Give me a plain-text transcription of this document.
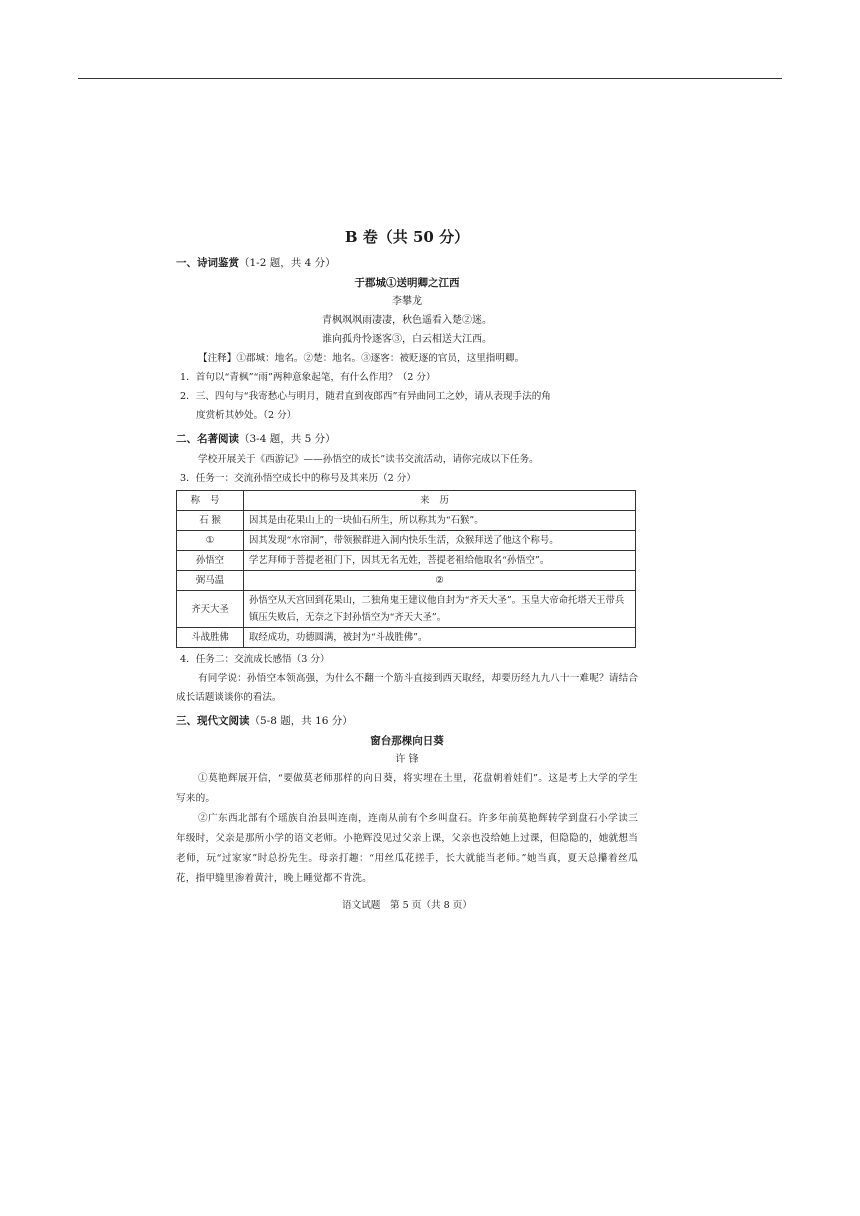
B 卷（共 50 分）
一、诗词鉴赏（1-2 题，共 4 分）
于郡城①送明卿之江西
李攀龙
青枫飒飒雨凄凄，秋色遥看入楚②迷。
谁向孤舟怜逐客③，白云相送大江西。

【注释】①郡城：地名。②楚：地名。③逐客：被贬逐的官员，这里指明卿。

1．首句以“青枫”“雨”两种意象起笔，有什么作用？（2 分）

2．三、四句与“我寄愁心与明月，随君直到夜郎西”有异曲同工之妙，请从表现手法的角
度赏析其妙处。（2 分）

二、名著阅读（3-4 题，共 5 分）

学校开展关于《西游记》——孙悟空的成长”读书交流活动，请你完成以下任务。

3．任务一：交流孙悟空成长中的称号及其来历（2 分）

称号	来历
石 猴	因其是由花果山上的一块仙石所生，所以称其为“石猴”。
①	因其发现“水帘洞”，带领猴群进入洞内快乐生活，众猴拜送了他这个称号。
孙悟空	学艺拜师于菩提老祖门下，因其无名无姓，菩提老祖给他取名“孙悟空”。
弼马温	②
齐天大圣	孙悟空从天宫回到花果山，二独角鬼王建议他自封为“齐天大圣”。玉皇大帝命托塔天王带兵镇压失败后，无奈之下封孙悟空为“齐天大圣”。
斗战胜佛	取经成功，功德圆满，被封为“斗战胜佛”。

4．任务二：交流成长感悟（3 分）

有同学说：孙悟空本领高强，为什么不翻一个筋斗直接到西天取经，却要历经九九八十一难呢？请结合成长话题谈谈你的看法。

三、现代文阅读（5-8 题，共 16 分）
窗台那棵向日葵
许 锋

①莫艳辉展开信，“要做莫老师那样的向日葵，将实埋在土里，花盘朝着娃们”。这是考上大学的学生写来的。

②广东西北部有个瑶族自治县叫连南，连南从前有个乡叫盘石。许多年前莫艳辉转学到盘石小学读三年级时，父亲是那所小学的语文老师。小艳辉没见过父亲上课，父亲也没给她上过课，但隐隐的，她就想当老师，玩“过家家”时总扮先生。母亲打趣：“用丝瓜花搓手，长大就能当老师。”她当真，夏天总攥着丝瓜花，指甲缝里渗着黄汁，晚上睡觉都不肯洗。

语文试题　第 5 页（共 8 页）
